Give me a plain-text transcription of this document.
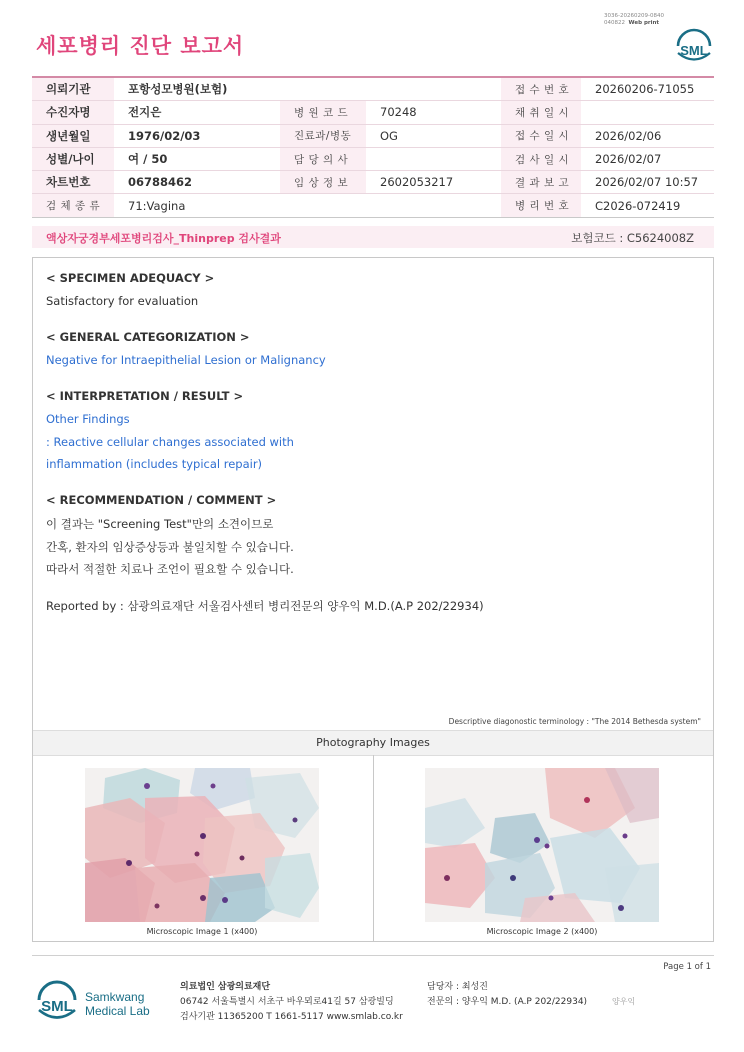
3036-20260209-0840
040822 Web print
세포병리 진단 보고서	SML
의뢰기관	포항성모병원(보험)			접 수 번 호	20260206-71055
수진자명	전지은	병 원 코 드	70248	채 취 일 시	
생년월일	1976/02/03	진료과/병동	OG	접 수 일 시	2026/02/06
성별/나이	여 / 50	담 당 의 사		검 사 일 시	2026/02/07
차트번호	06788462	임 상 정 보	2602053217	결 과 보 고	2026/02/07 10:57
검 체 종 류	71:Vagina			병 리 번 호	C2026-072419
액상자궁경부세포병리검사_Thinprep 검사결과	보험코드 : C5624008Z
< SPECIMEN ADEQUACY >
Satisfactory for evaluation
< GENERAL CATEGORIZATION >
Negative for Intraepithelial Lesion or Malignancy
< INTERPRETATION / RESULT >
Other Findings
: Reactive cellular changes associated with
inflammation (includes typical repair)
< RECOMMENDATION / COMMENT >
이 결과는 "Screening Test"만의 소견이므로
간혹, 환자의 임상증상등과 불일치할 수 있습니다.
따라서 적절한 치료나 조언이 필요할 수 있습니다.
Reported by : 삼광의료재단 서울검사센터 병리전문의 양우익 M.D.(A.P 202/22934)
Descriptive diagonostic terminology : "The 2014 Bethesda system"
Photography Images
Microscopic Image 1 (x400)	Microscopic Image 2 (x400)
Page 1 of 1
SML
Samkwang
Medical Lab
의료법인 삼광의료재단
06742 서울특별시 서초구 바우뫼로41길 57 삼광빌딩
검사기관 11365200 T 1661-5117 www.smlab.co.kr
담당자 : 최성진
전문의 : 양우익 M.D. (A.P 202/22934)	양우익
